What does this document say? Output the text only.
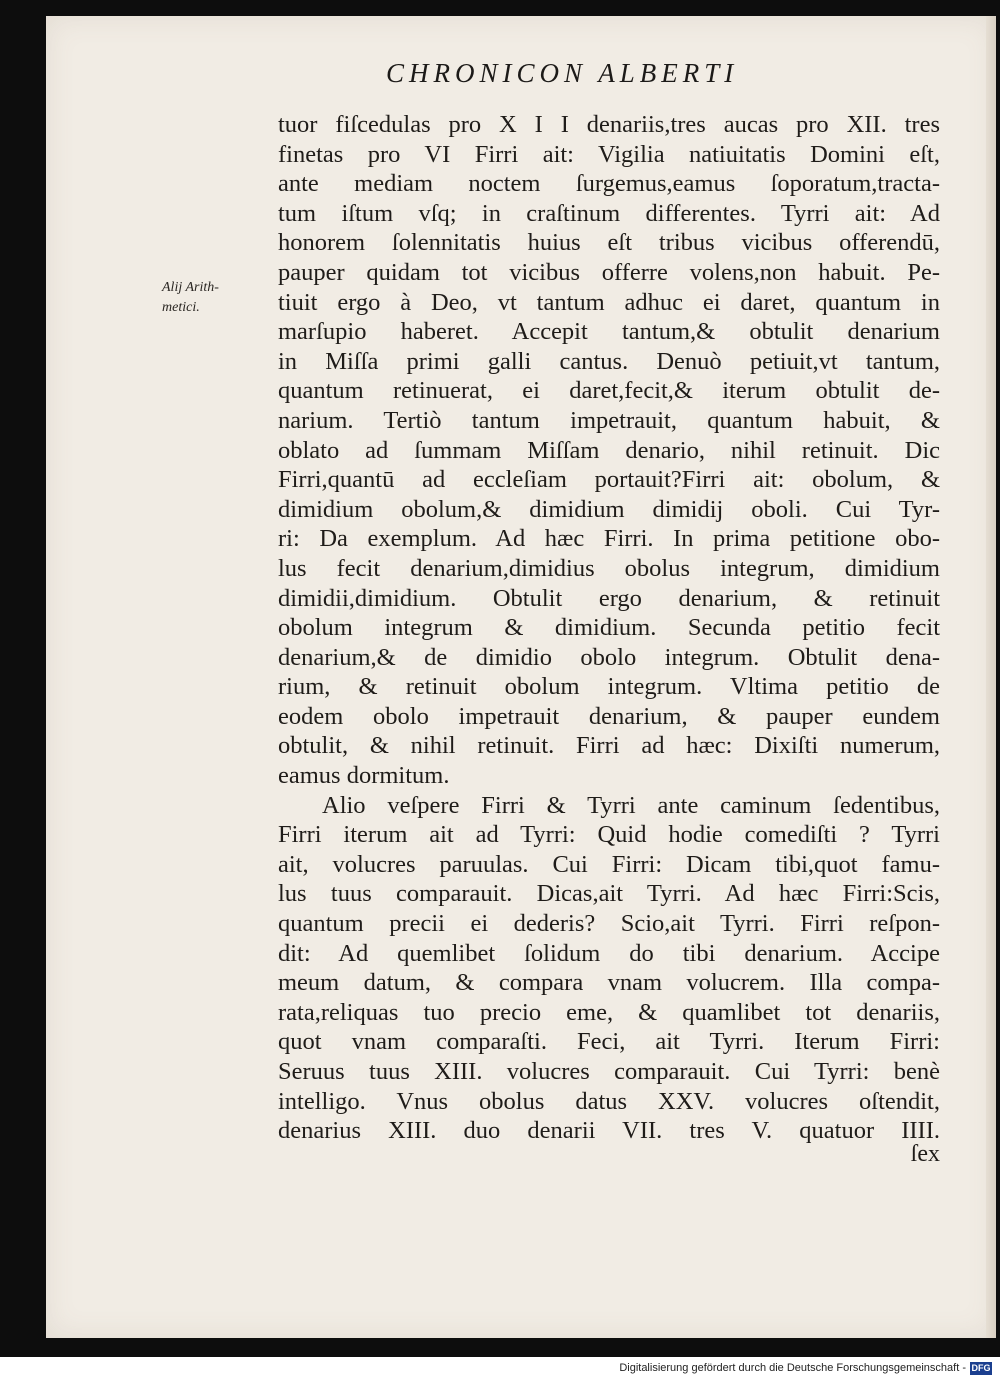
CHRONICON ALBERTI
Alij Arith-
metici.
tuor fiſcedulas pro X I I denariis,tres aucas pro XII. tres
finetas pro VI Firri ait: Vigilia natiuitatis Domini eſt,
ante mediam noctem ſurgemus,eamus ſoporatum,tracta-
tum iſtum vſq; in craſtinum differentes. Tyrri ait: Ad
honorem ſolennitatis huius eſt tribus vicibus offerendū,
pauper quidam tot vicibus offerre volens,non habuit. Pe-
tiuit ergo à Deo, vt tantum adhuc ei daret, quantum in
marſupio haberet. Accepit tantum,& obtulit denarium
in Miſſa primi galli cantus. Denuò petiuit,vt tantum,
quantum retinuerat, ei daret,fecit,& iterum obtulit de-
narium. Tertiò tantum impetrauit, quantum habuit, &
oblato ad ſummam Miſſam denario, nihil retinuit. Dic
Firri,quantū ad eccleſiam portauit?Firri ait: obolum, &
dimidium obolum,& dimidium dimidij oboli. Cui Tyr-
ri: Da exemplum. Ad hæc Firri. In prima petitione obo-
lus fecit denarium,dimidius obolus integrum, dimidium
dimidii,dimidium. Obtulit ergo denarium, & retinuit
obolum integrum & dimidium. Secunda petitio fecit
denarium,& de dimidio obolo integrum. Obtulit dena-
rium, & retinuit obolum integrum. Vltima petitio de
eodem obolo impetrauit denarium, & pauper eundem
obtulit, & nihil retinuit. Firri ad hæc: Dixiſti numerum,
eamus dormitum.
Alio veſpere Firri & Tyrri ante caminum ſedentibus,
Firri iterum ait ad Tyrri: Quid hodie comediſti ? Tyrri
ait, volucres paruulas. Cui Firri: Dicam tibi,quot famu-
lus tuus comparauit. Dicas,ait Tyrri. Ad hæc Firri:Scis,
quantum precii ei dederis? Scio,ait Tyrri. Firri reſpon-
dit: Ad quemlibet ſolidum do tibi denarium. Accipe
meum datum, & compara vnam volucrem. Illa compa-
rata,reliquas tuo precio eme, & quamlibet tot denariis,
quot vnam comparaſti. Feci, ait Tyrri. Iterum Firri:
Seruus tuus XIII. volucres comparauit. Cui Tyrri: benè
intelligo. Vnus obolus datus XXV. volucres oſtendit,
denarius XIII. duo denarii VII. tres V. quatuor IIII.
ſex
Digitalisierung gefördert durch die Deutsche Forschungsgemeinschaft - DFG
